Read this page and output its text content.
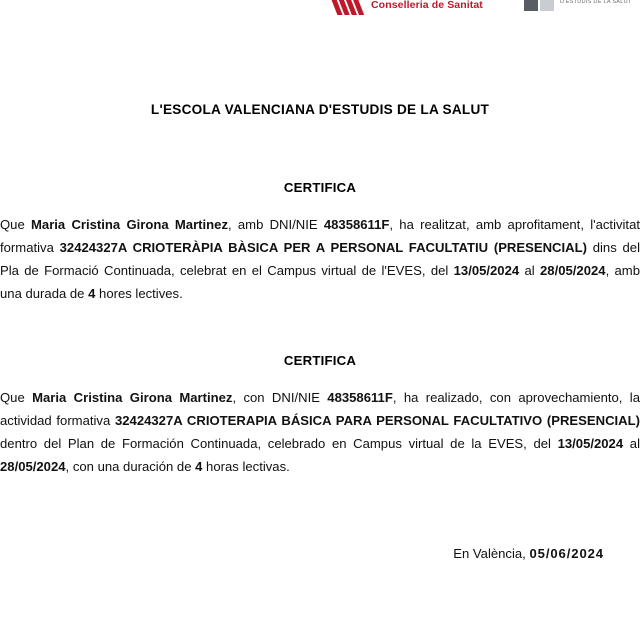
Conselleria de Sanitat	D'ESTUDIS DE LA SALUT
L'ESCOLA VALENCIANA D'ESTUDIS DE LA SALUT
CERTIFICA

Que Maria Cristina Girona Martinez, amb DNI/NIE 48358611F, ha realitzat, amb aprofitament, l'activitat formativa 32424327A CRIOTERÀPIA BÀSICA PER A PERSONAL FACULTATIU (PRESENCIAL) dins del Pla de Formació Continuada, celebrat en el Campus virtual de l'EVES, del 13/05/2024 al 28/05/2024, amb una durada de 4 hores lectives.

CERTIFICA

Que Maria Cristina Girona Martinez, con DNI/NIE 48358611F, ha realizado, con aprovechamiento, la actividad formativa 32424327A CRIOTERAPIA BÁSICA PARA PERSONAL FACULTATIVO (PRESENCIAL) dentro del Plan de Formación Continuada, celebrado en Campus virtual de la EVES, del 13/05/2024 al 28/05/2024, con una duración de 4 horas lectivas.

En València, 05/06/2024
